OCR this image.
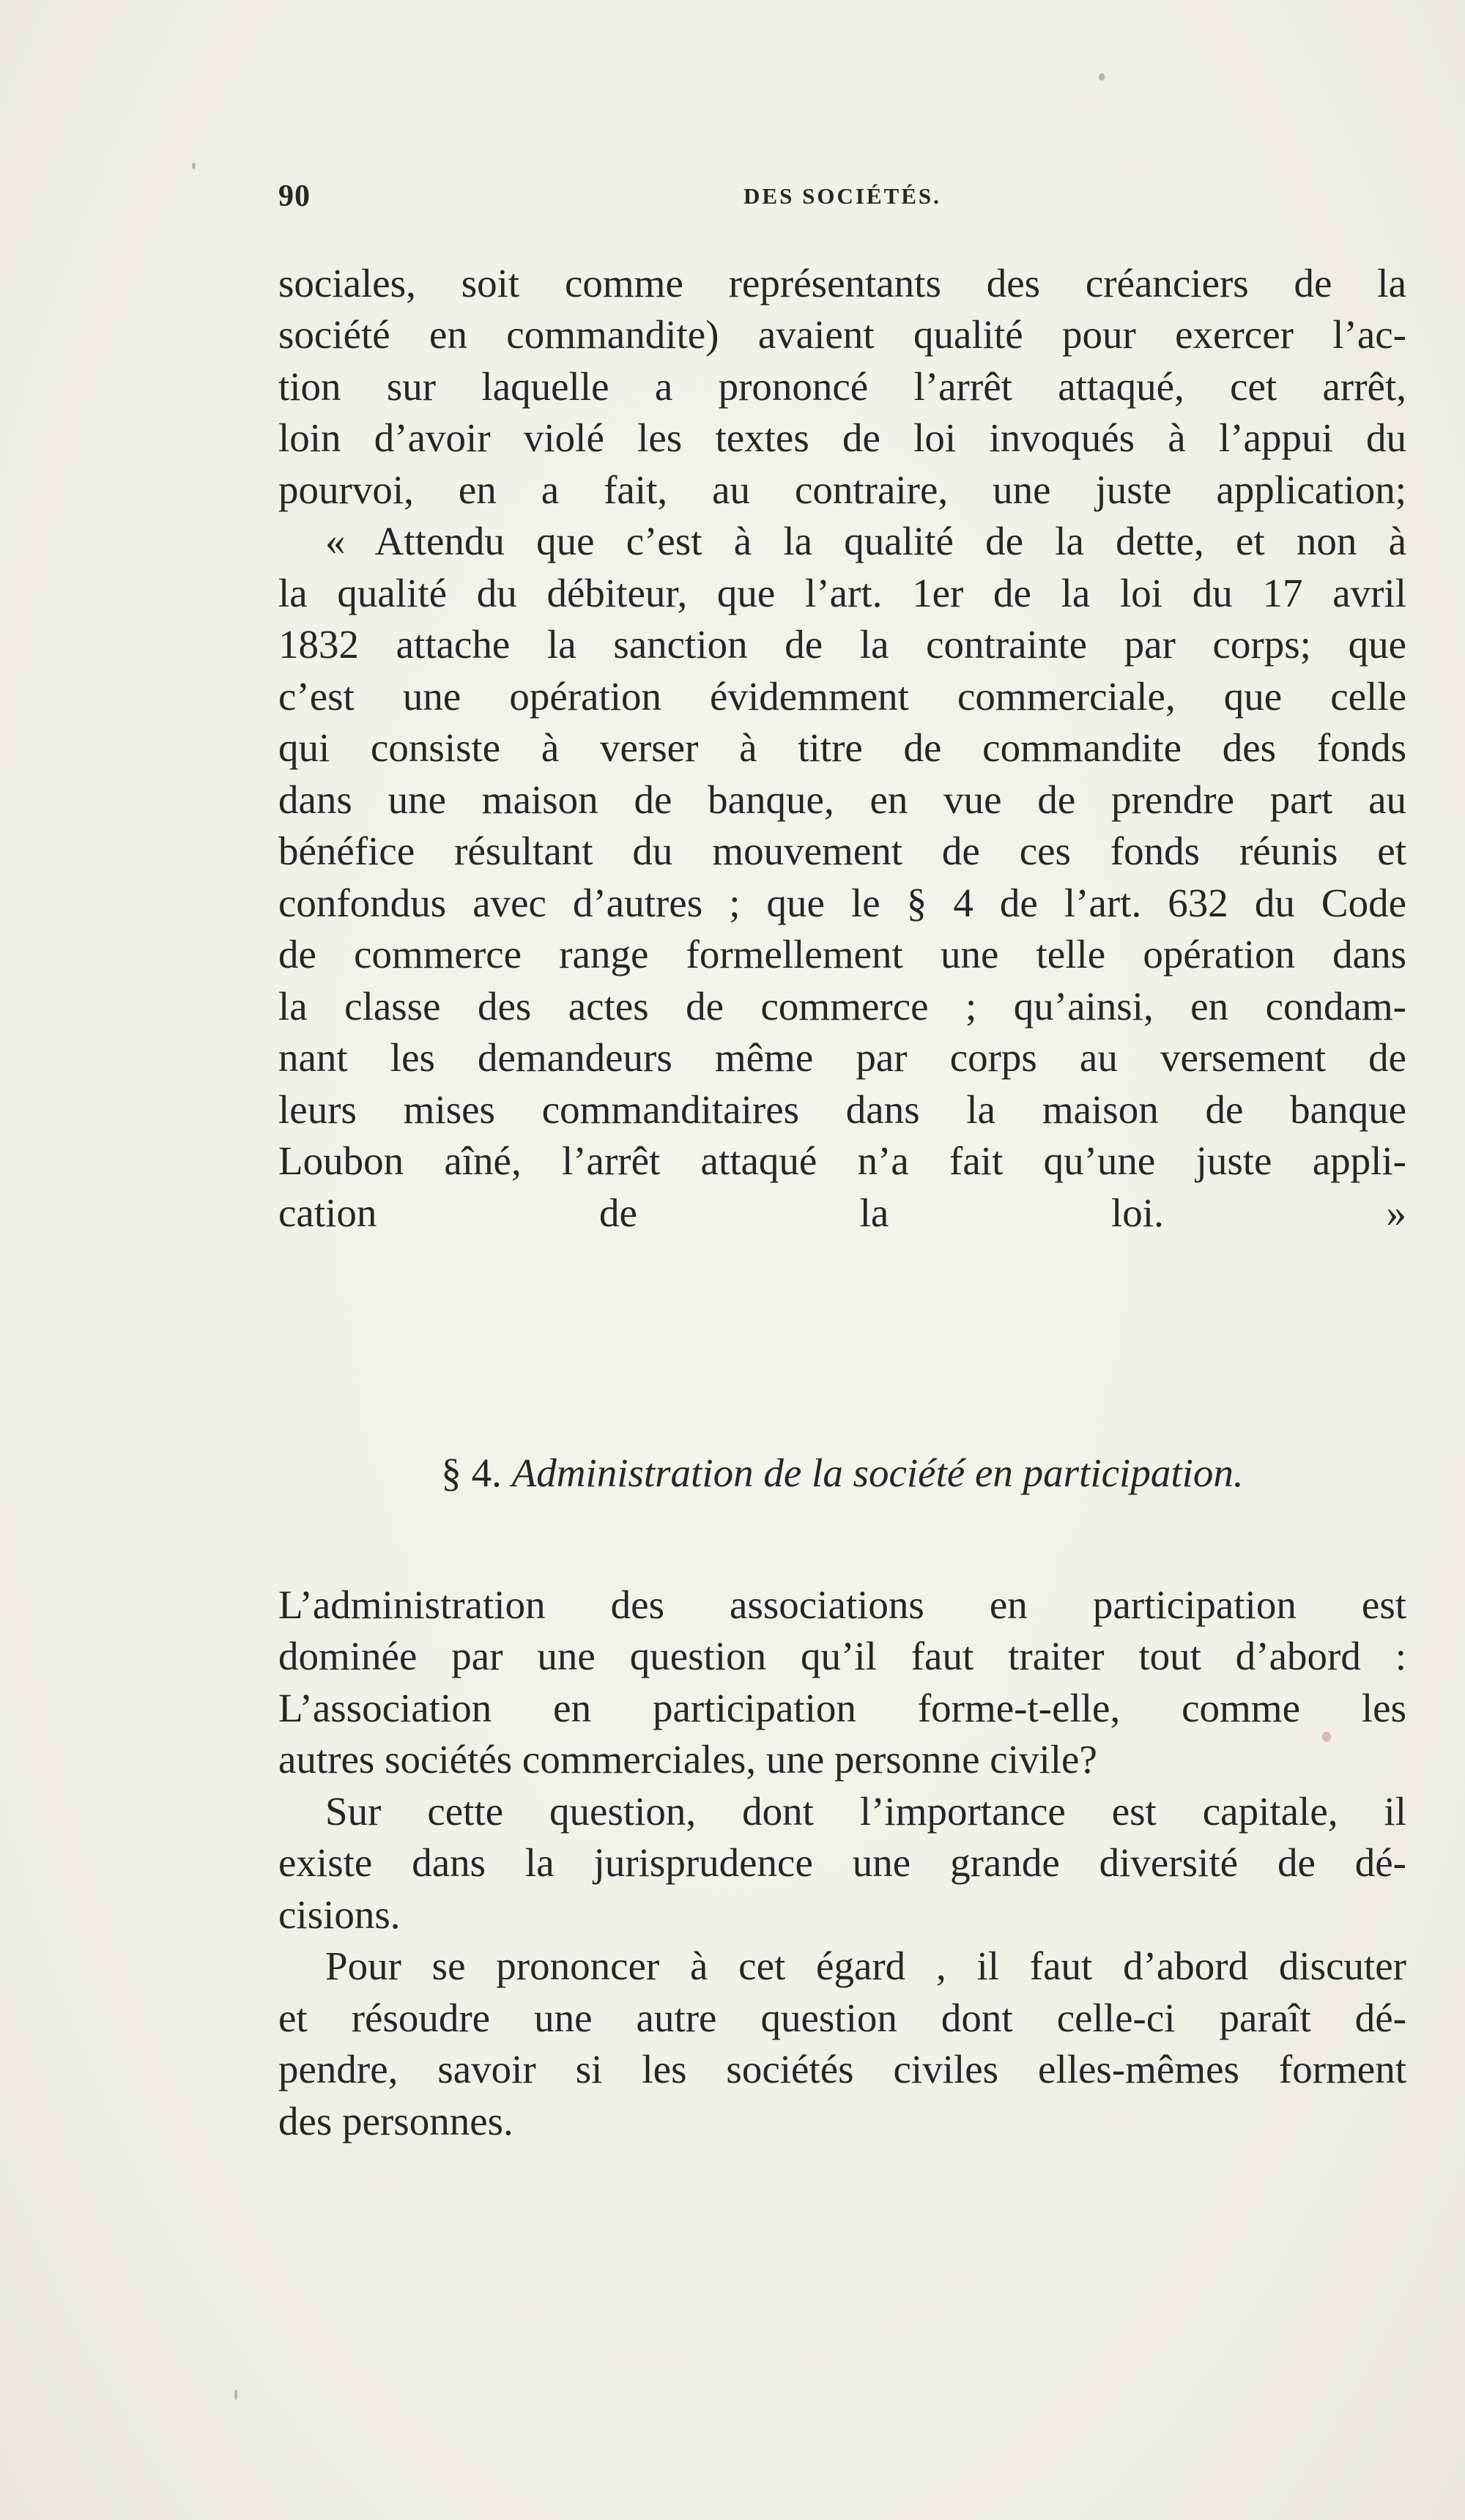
90	DES SOCIÉTÉS.
sociales, soit comme représentants des créanciers de la
société en commandite) avaient qualité pour exercer l’ac-
tion sur laquelle a prononcé l’arrêt attaqué, cet arrêt,
loin d’avoir violé les textes de loi invoqués à l’appui du
pourvoi, en a fait, au contraire, une juste application;
« Attendu que c’est à la qualité de la dette, et non à
la qualité du débiteur, que l’art. 1er de la loi du 17 avril
1832 attache la sanction de la contrainte par corps; que
c’est une opération évidemment commerciale, que celle
qui consiste à verser à titre de commandite des fonds
dans une maison de banque, en vue de prendre part au
bénéfice résultant du mouvement de ces fonds réunis et
confondus avec d’autres ; que le § 4 de l’art. 632 du Code
de commerce range formellement une telle opération dans
la classe des actes de commerce ; qu’ainsi, en condam-
nant les demandeurs même par corps au versement de
leurs mises commanditaires dans la maison de banque
Loubon aîné, l’arrêt attaqué n’a fait qu’une juste appli-
cation de la loi. »
§ 4. Administration de la société en participation.
L’administration des associations en participation est
dominée par une question qu’il faut traiter tout d’abord :
L’association en participation forme-t-elle, comme les
autres sociétés commerciales, une personne civile?
Sur cette question, dont l’importance est capitale, il
existe dans la jurisprudence une grande diversité de dé-
cisions.
Pour se prononcer à cet égard , il faut d’abord discuter
et résoudre une autre question dont celle-ci paraît dé-
pendre, savoir si les sociétés civiles elles-mêmes forment
des personnes.
